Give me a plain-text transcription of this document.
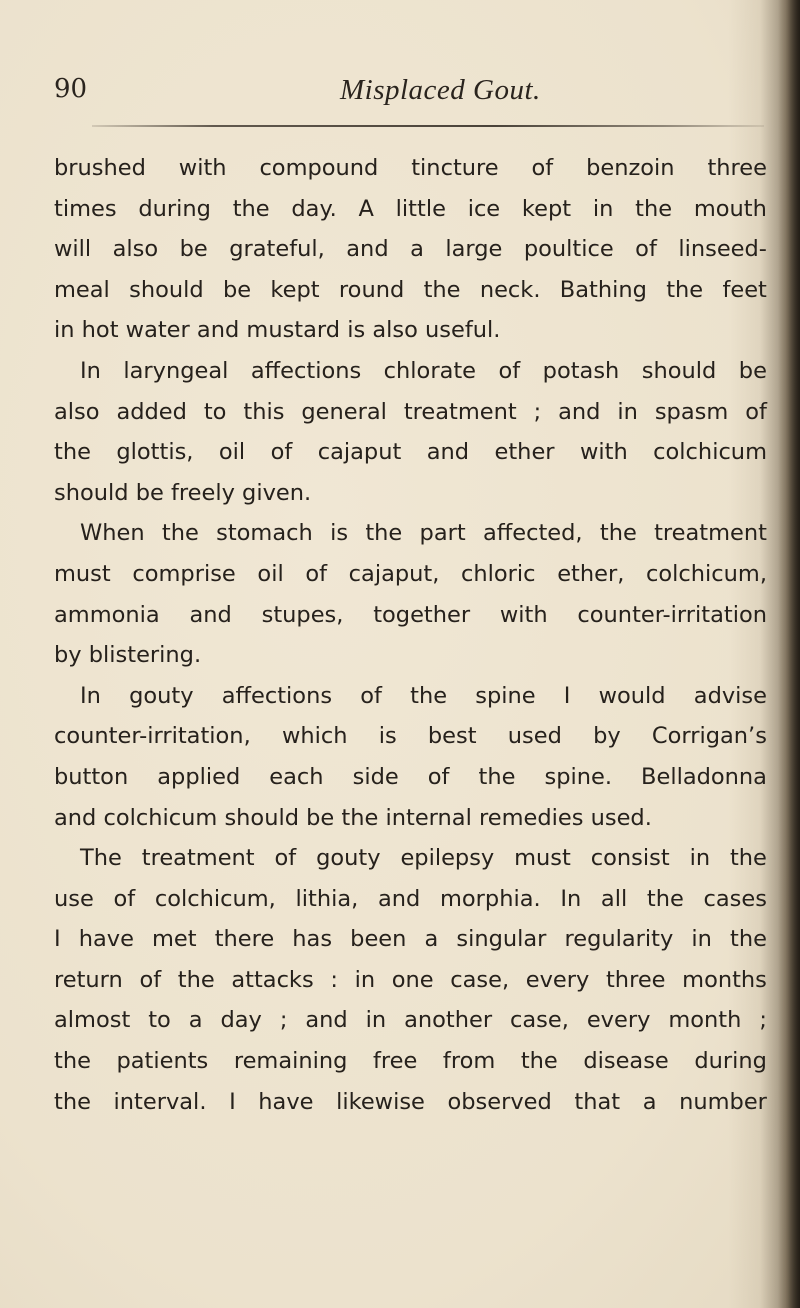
90	Misplaced Gout.
brushed with compound tincture of benzoin three
times during the day. A little ice kept in the mouth
will also be grateful, and a large poultice of linseed-
meal should be kept round the neck. Bathing the feet
in hot water and mustard is also useful.
In laryngeal affections chlorate of potash should be
also added to this general treatment ; and in spasm of
the glottis, oil of cajaput and ether with colchicum
should be freely given.
When the stomach is the part affected, the treatment
must comprise oil of cajaput, chloric ether, colchicum,
ammonia and stupes, together with counter-irritation
by blistering.
In gouty affections of the spine I would advise
counter-irritation, which is best used by Corrigan’s
button applied each side of the spine. Belladonna
and colchicum should be the internal remedies used.
The treatment of gouty epilepsy must consist in the
use of colchicum, lithia, and morphia. In all the cases
I have met there has been a singular regularity in the
return of the attacks : in one case, every three months
almost to a day ; and in another case, every month ;
the patients remaining free from the disease during
the interval. I have likewise observed that a number
